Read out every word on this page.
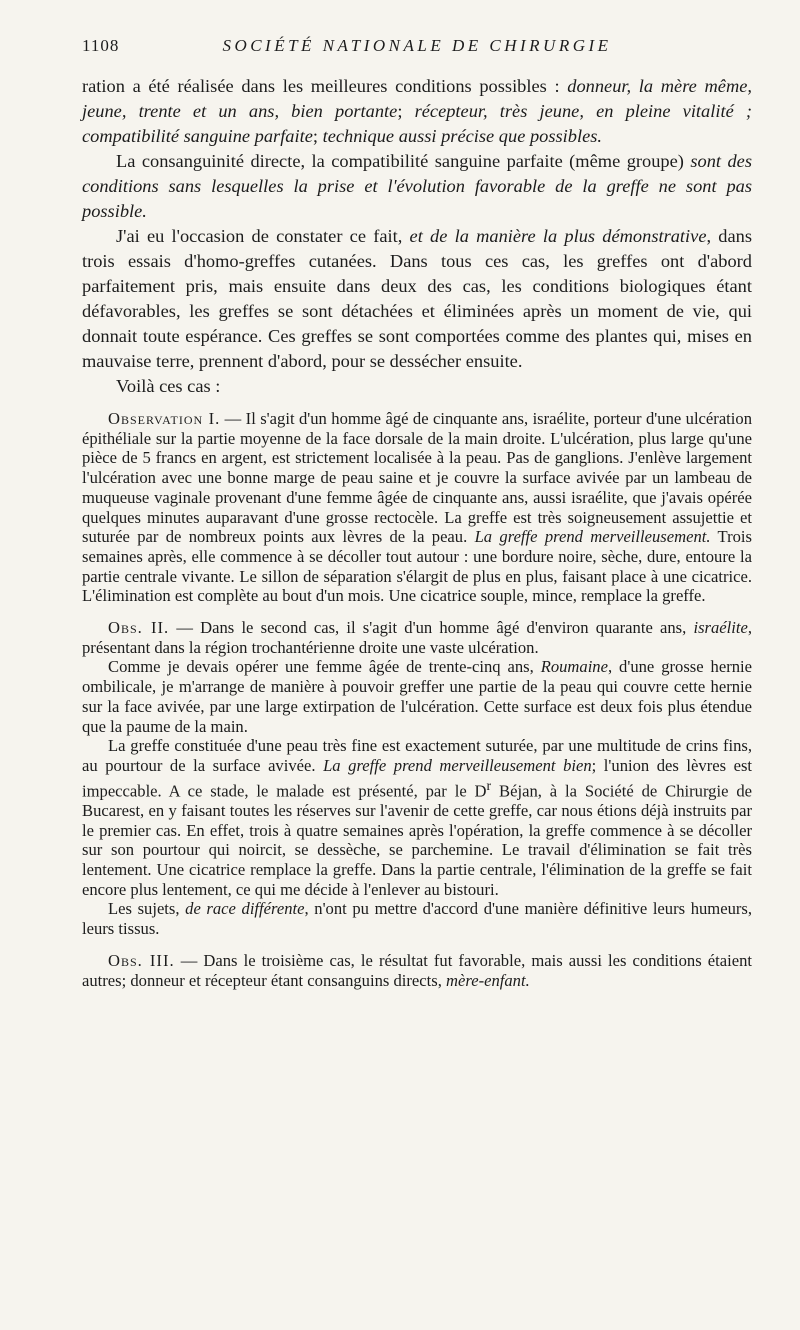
1108	SOCIÉTÉ NATIONALE DE CHIRURGIE

ration a été réalisée dans les meilleures conditions possibles : donneur, la mère même, jeune, trente et un ans, bien portante; récepteur, très jeune, en pleine vitalité ; compatibilité sanguine parfaite; technique aussi précise que possibles.

La consanguinité directe, la compatibilité sanguine parfaite (même groupe) sont des conditions sans lesquelles la prise et l'évolution favorable de la greffe ne sont pas possible.

J'ai eu l'occasion de constater ce fait, et de la manière la plus démonstrative, dans trois essais d'homo-greffes cutanées. Dans tous ces cas, les greffes ont d'abord parfaitement pris, mais ensuite dans deux des cas, les conditions biologiques étant défavorables, les greffes se sont détachées et éliminées après un moment de vie, qui donnait toute espérance. Ces greffes se sont comportées comme des plantes qui, mises en mauvaise terre, prennent d'abord, pour se dessécher ensuite.

Voilà ces cas :

Observation I. — Il s'agit d'un homme âgé de cinquante ans, israélite, porteur d'une ulcération épithéliale sur la partie moyenne de la face dorsale de la main droite. L'ulcération, plus large qu'une pièce de 5 francs en argent, est strictement localisée à la peau. Pas de ganglions. J'enlève largement l'ulcération avec une bonne marge de peau saine et je couvre la surface avivée par un lambeau de muqueuse vaginale provenant d'une femme âgée de cinquante ans, aussi israélite, que j'avais opérée quelques minutes auparavant d'une grosse rectocèle. La greffe est très soigneusement assujettie et suturée par de nombreux points aux lèvres de la peau. La greffe prend merveilleusement. Trois semaines après, elle commence à se décoller tout autour : une bordure noire, sèche, dure, entoure la partie centrale vivante. Le sillon de séparation s'élargit de plus en plus, faisant place à une cicatrice. L'élimination est complète au bout d'un mois. Une cicatrice souple, mince, remplace la greffe.

Obs. II. — Dans le second cas, il s'agit d'un homme âgé d'environ quarante ans, israélite, présentant dans la région trochantérienne droite une vaste ulcération.

Comme je devais opérer une femme âgée de trente-cinq ans, Roumaine, d'une grosse hernie ombilicale, je m'arrange de manière à pouvoir greffer une partie de la peau qui couvre cette hernie sur la face avivée, par une large extirpation de l'ulcération. Cette surface est deux fois plus étendue que la paume de la main.

La greffe constituée d'une peau très fine est exactement suturée, par une multitude de crins fins, au pourtour de la surface avivée. La greffe prend merveilleusement bien; l'union des lèvres est impeccable. A ce stade, le malade est présenté, par le $D^r$ Béjan, à la Société de Chirurgie de Bucarest, en y faisant toutes les réserves sur l'avenir de cette greffe, car nous étions déjà instruits par le premier cas. En effet, trois à quatre semaines après l'opération, la greffe commence à se décoller sur son pourtour qui noircit, se dessèche, se parchemine. Le travail d'élimination se fait très lentement. Une cicatrice remplace la greffe. Dans la partie centrale, l'élimination de la greffe se fait encore plus lentement, ce qui me décide à l'enlever au bistouri.

Les sujets, de race différente, n'ont pu mettre d'accord d'une manière définitive leurs humeurs, leurs tissus.

Obs. III. — Dans le troisième cas, le résultat fut favorable, mais aussi les conditions étaient autres; donneur et récepteur étant consanguins directs, mère-enfant.
